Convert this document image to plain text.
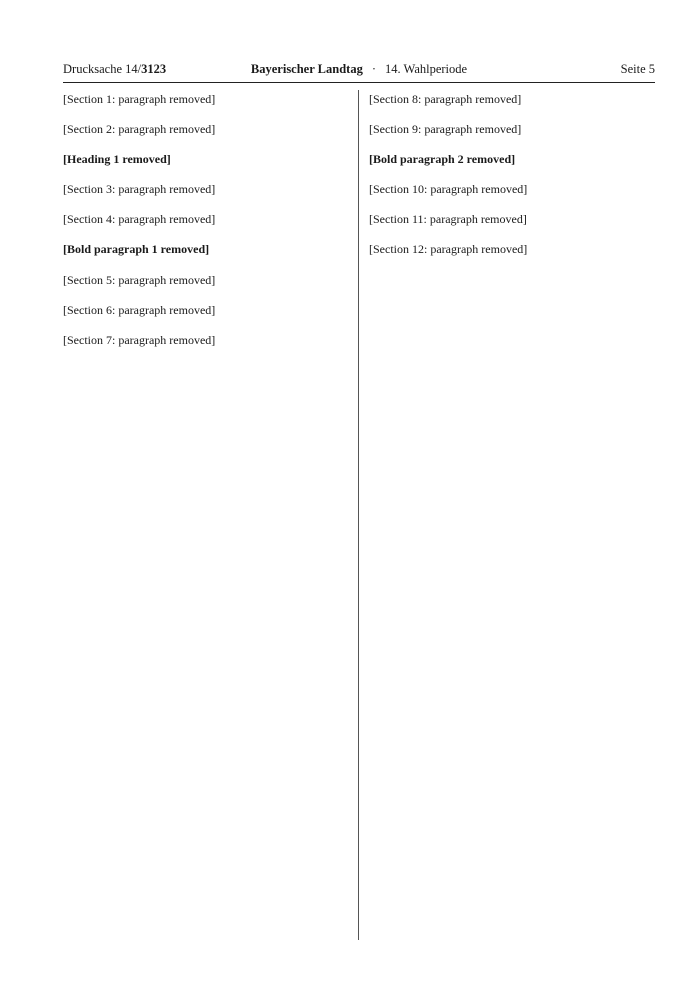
Drucksache 14/3123	Bayerischer Landtag · 14. Wahlperiode	Seite 5

[Section 1: paragraph removed]

[Section 2: paragraph removed]

[Heading 1 removed]

[Section 3: paragraph removed]

[Section 4: paragraph removed]

[Bold paragraph 1 removed]

[Section 5: paragraph removed]

[Section 6: paragraph removed]

[Section 7: paragraph removed]

[Section 8: paragraph removed]

[Section 9: paragraph removed]

[Bold paragraph 2 removed]

[Section 10: paragraph removed]

[Section 11: paragraph removed]

[Section 12: paragraph removed]
